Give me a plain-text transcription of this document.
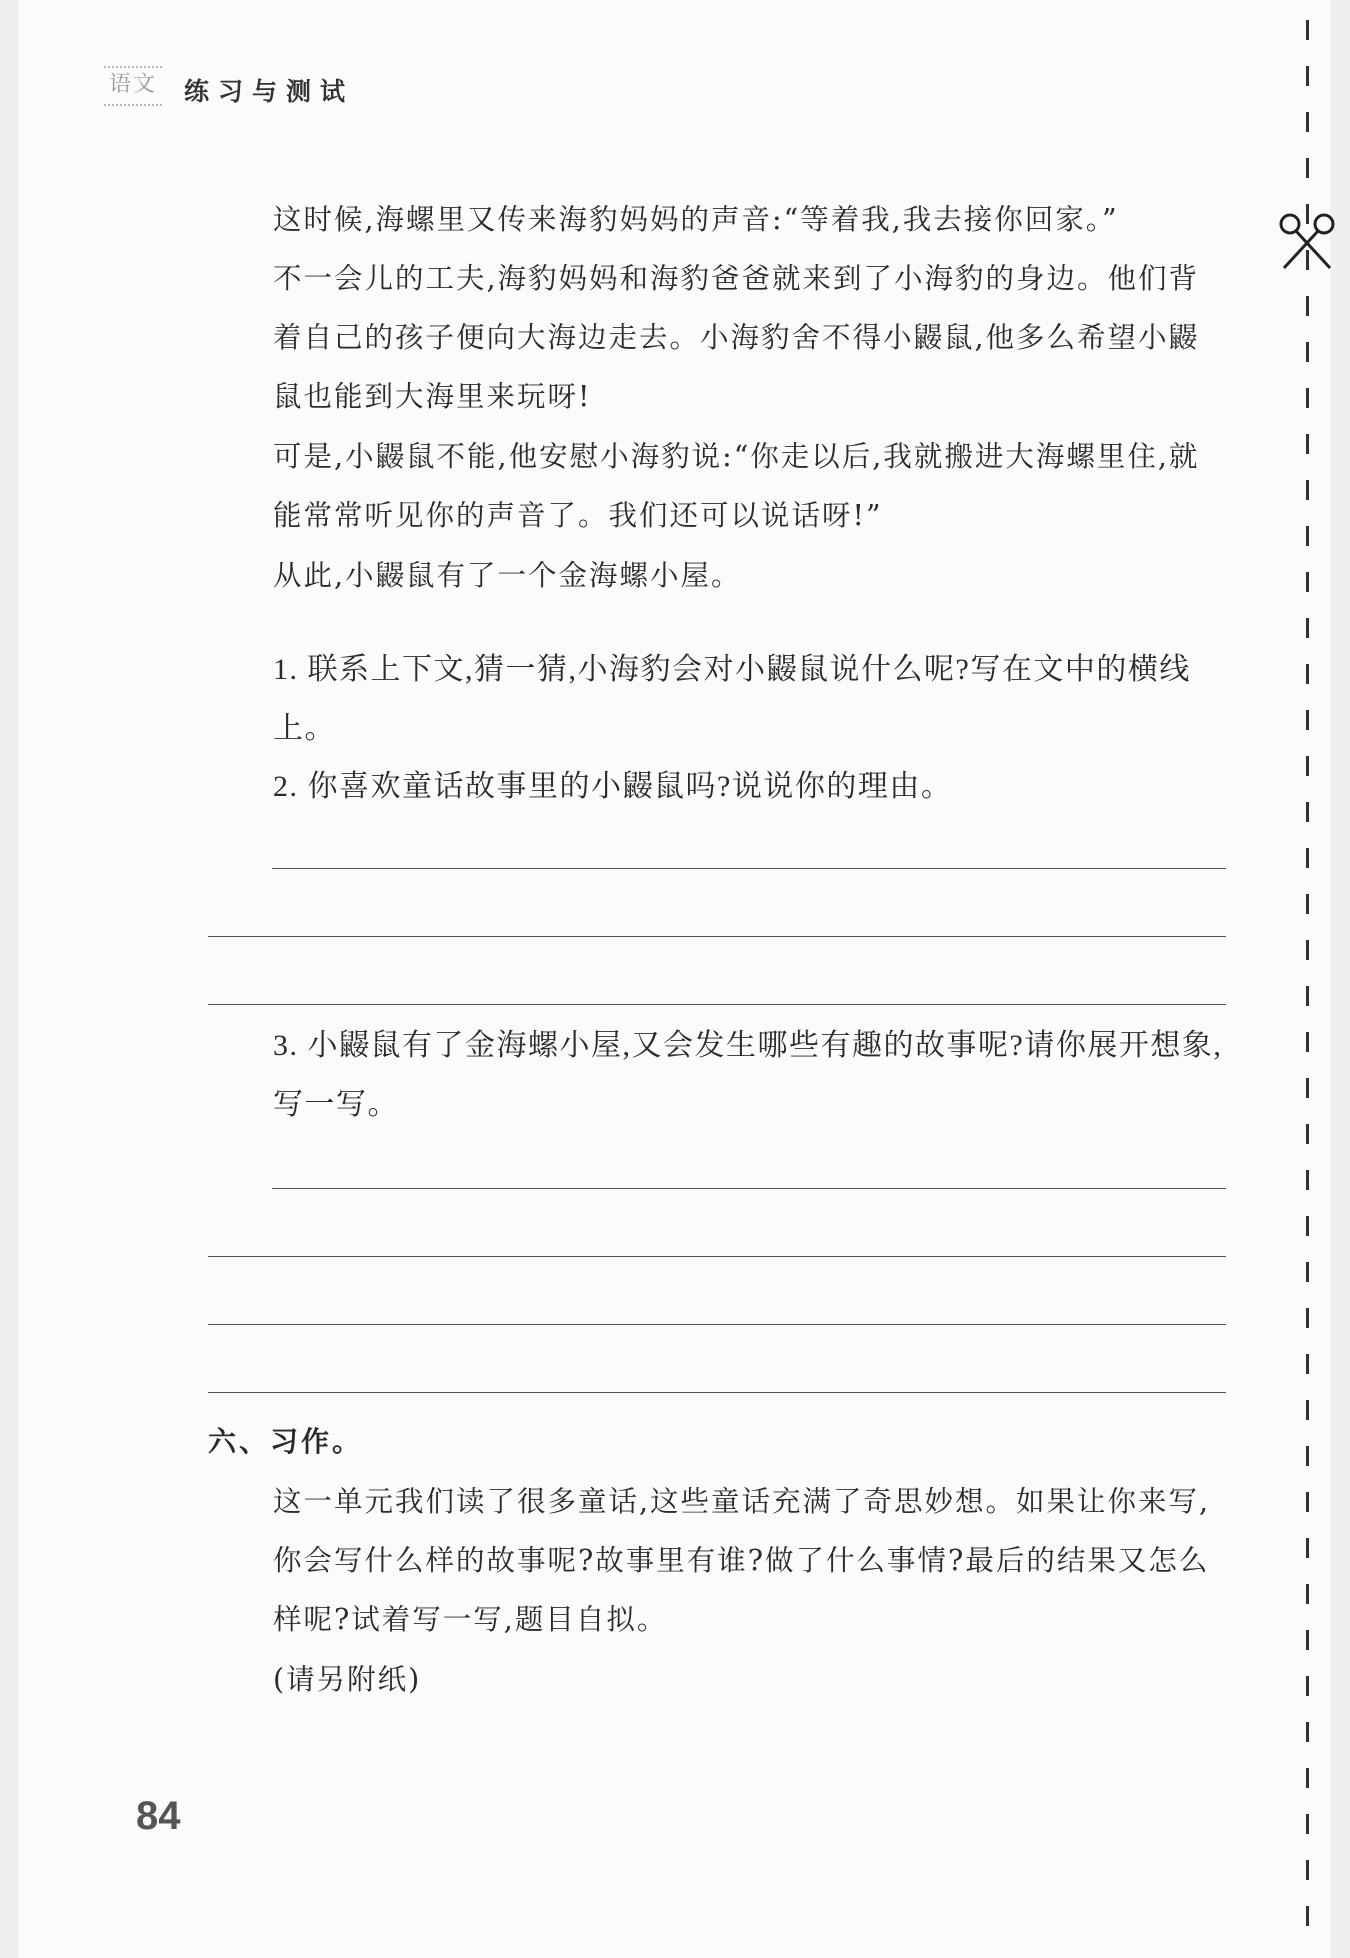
语文 练习与测试
这时候,海螺里又传来海豹妈妈的声音:“等着我,我去接你回家。”
不一会儿的工夫,海豹妈妈和海豹爸爸就来到了小海豹的身边。他们背着自己的孩子便向大海边走去。小海豹舍不得小鼹鼠,他多么希望小鼹鼠也能到大海里来玩呀!
可是,小鼹鼠不能,他安慰小海豹说:“你走以后,我就搬进大海螺里住,就能常常听见你的声音了。我们还可以说话呀!”
从此,小鼹鼠有了一个金海螺小屋。
1. 联系上下文,猜一猜,小海豹会对小鼹鼠说什么呢?写在文中的横线上。
2. 你喜欢童话故事里的小鼹鼠吗?说说你的理由。
3. 小鼹鼠有了金海螺小屋,又会发生哪些有趣的故事呢?请你展开想象,写一写。
六、习作。
这一单元我们读了很多童话,这些童话充满了奇思妙想。如果让你来写,你会写什么样的故事呢?故事里有谁?做了什么事情?最后的结果又怎么样呢?试着写一写,题目自拟。
(请另附纸)
84
